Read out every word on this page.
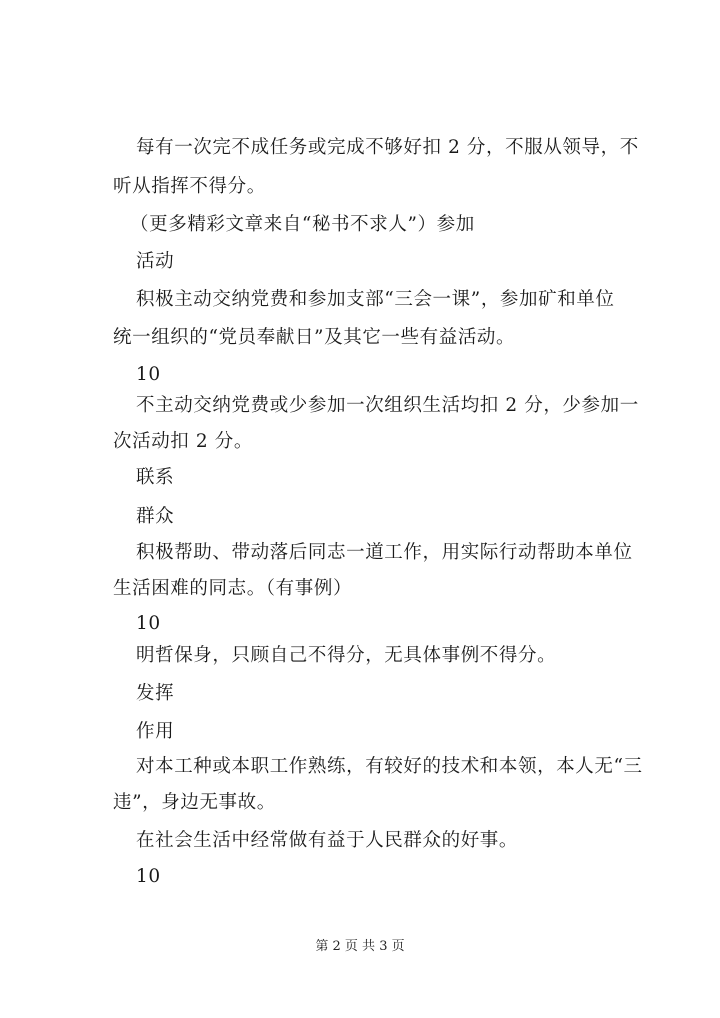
每有一次完不成任务或完成不够好扣 2 分，不服从领导，不
听从指挥不得分。
（更多精彩文章来自“秘书不求人”）参加
活动
积极主动交纳党费和参加支部“三会一课”，参加矿和单位
统一组织的“党员奉献日”及其它一些有益活动。
10
不主动交纳党费或少参加一次组织生活均扣 2 分，少参加一
次活动扣 2 分。
联系
群众
积极帮助、带动落后同志一道工作，用实际行动帮助本单位
生活困难的同志。（有事例）
10
明哲保身，只顾自己不得分，无具体事例不得分。
发挥
作用
对本工种或本职工作熟练，有较好的技术和本领，本人无“三
违”，身边无事故。
在社会生活中经常做有益于人民群众的好事。
10
第 2 页 共 3 页
